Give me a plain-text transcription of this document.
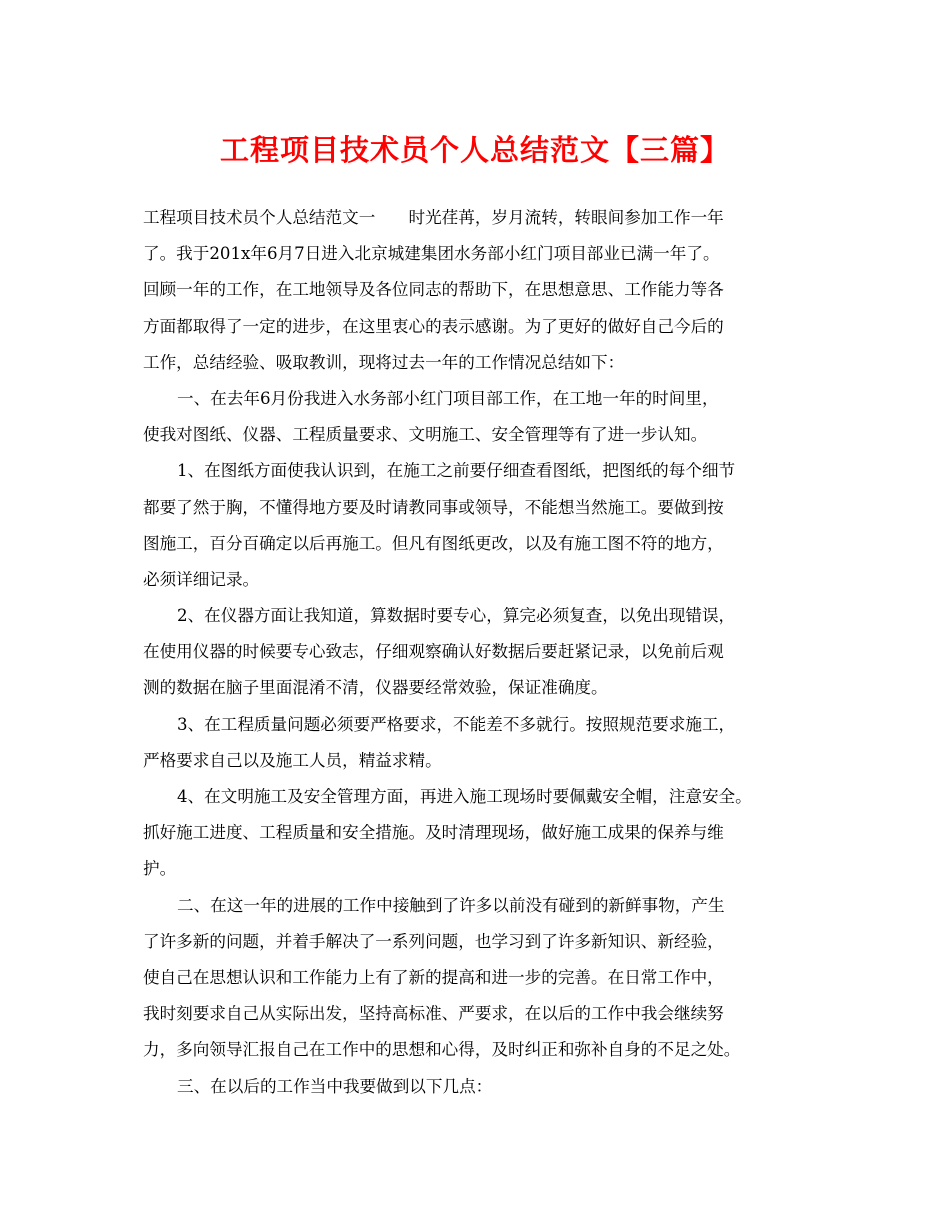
工程项目技术员个人总结范文【三篇】
工程项目技术员个人总结范文一　　时光荏苒，岁月流转，转眼间参加工作一年
了。我于201x年6月7日进入北京城建集团水务部小红门项目部业已满一年了。
回顾一年的工作，在工地领导及各位同志的帮助下，在思想意思、工作能力等各
方面都取得了一定的进步，在这里衷心的表示感谢。为了更好的做好自己今后的
工作，总结经验、吸取教训，现将过去一年的工作情况总结如下：
一、在去年6月份我进入水务部小红门项目部工作，在工地一年的时间里，
使我对图纸、仪器、工程质量要求、文明施工、安全管理等有了进一步认知。
1、在图纸方面使我认识到，在施工之前要仔细查看图纸，把图纸的每个细节
都要了然于胸，不懂得地方要及时请教同事或领导，不能想当然施工。要做到按
图施工，百分百确定以后再施工。但凡有图纸更改，以及有施工图不符的地方，
必须详细记录。
2、在仪器方面让我知道，算数据时要专心，算完必须复查，以免出现错误，
在使用仪器的时候要专心致志，仔细观察确认好数据后要赶紧记录，以免前后观
测的数据在脑子里面混淆不清，仪器要经常效验，保证准确度。
3、在工程质量问题必须要严格要求，不能差不多就行。按照规范要求施工，
严格要求自己以及施工人员，精益求精。
4、在文明施工及安全管理方面，再进入施工现场时要佩戴安全帽，注意安全。
抓好施工进度、工程质量和安全措施。及时清理现场，做好施工成果的保养与维
护。
二、在这一年的进展的工作中接触到了许多以前没有碰到的新鲜事物，产生
了许多新的问题，并着手解决了一系列问题，也学习到了许多新知识、新经验，
使自己在思想认识和工作能力上有了新的提高和进一步的完善。在日常工作中，
我时刻要求自己从实际出发，坚持高标准、严要求，在以后的工作中我会继续努
力，多向领导汇报自己在工作中的思想和心得，及时纠正和弥补自身的不足之处。
三、在以后的工作当中我要做到以下几点：
